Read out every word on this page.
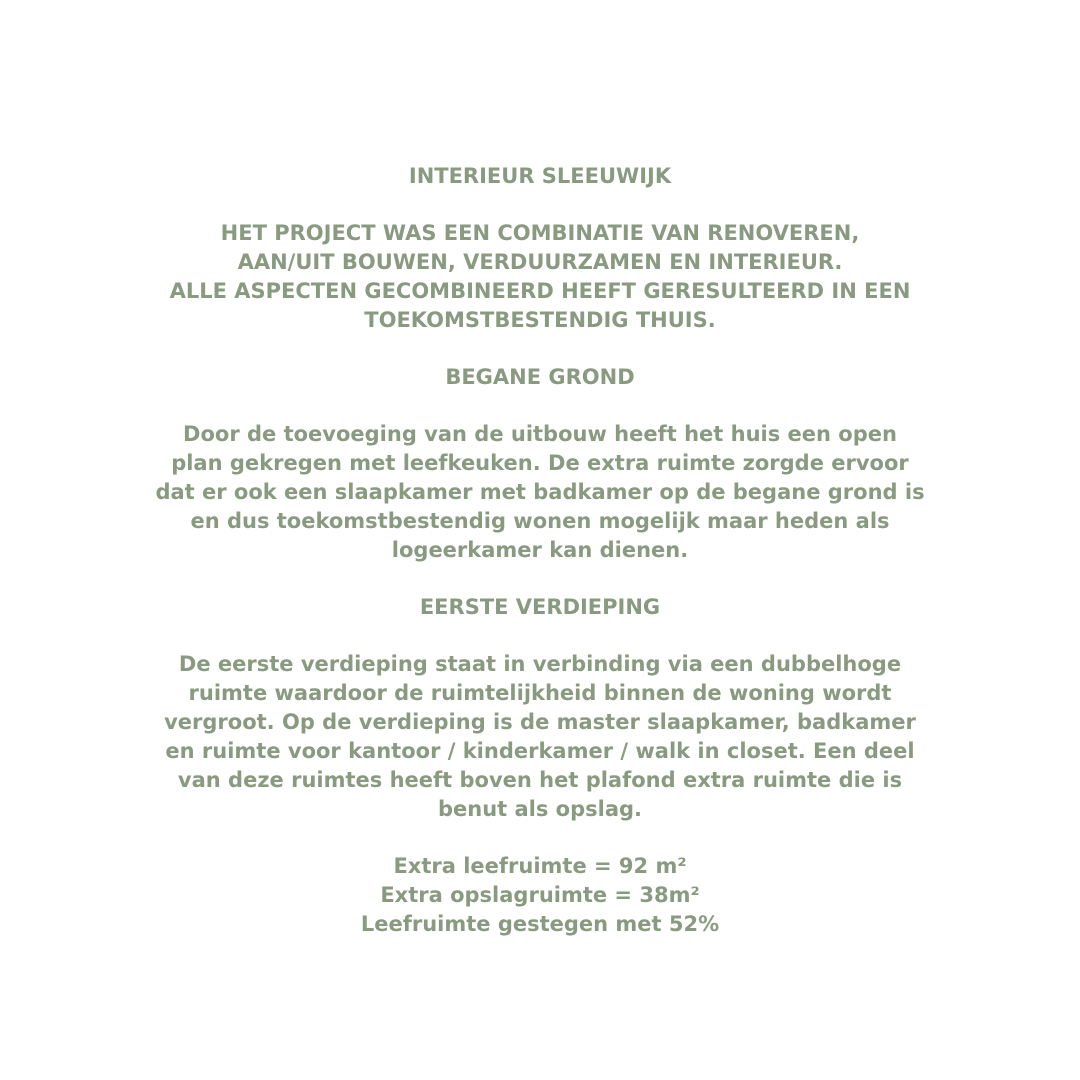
INTERIEUR SLEEUWIJK

HET PROJECT WAS EEN COMBINATIE VAN RENOVEREN,
AAN/UIT BOUWEN, VERDUURZAMEN EN INTERIEUR.
ALLE ASPECTEN GECOMBINEERD HEEFT GERESULTEERD IN EEN
TOEKOMSTBESTENDIG THUIS.

BEGANE GROND

Door de toevoeging van de uitbouw heeft het huis een open
plan gekregen met leefkeuken. De extra ruimte zorgde ervoor
dat er ook een slaapkamer met badkamer op de begane grond is
en dus toekomstbestendig wonen mogelijk maar heden als
logeerkamer kan dienen.

EERSTE VERDIEPING

De eerste verdieping staat in verbinding via een dubbelhoge
ruimte waardoor de ruimtelijkheid binnen de woning wordt
vergroot. Op de verdieping is de master slaapkamer, badkamer
en ruimte voor kantoor / kinderkamer / walk in closet. Een deel
van deze ruimtes heeft boven het plafond extra ruimte die is
benut als opslag.

Extra leefruimte = 92 m²
Extra opslagruimte = 38m²
Leefruimte gestegen met 52%
